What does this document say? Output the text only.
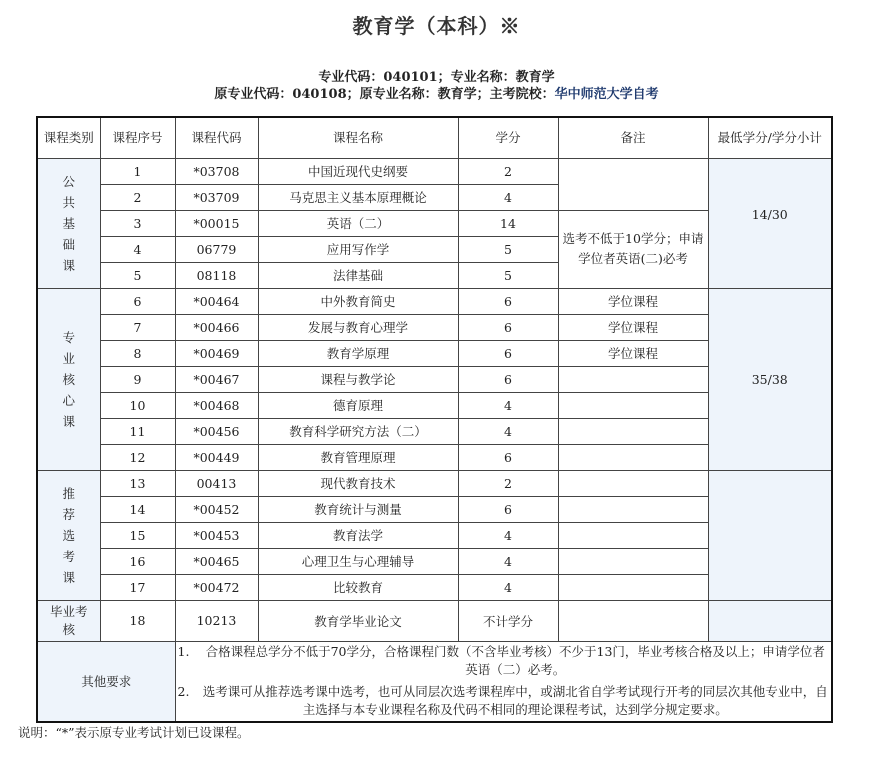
教育学（本科）※
专业代码：040101；专业名称：教育学
原专业代码：040108；原专业名称：教育学；主考院校：华中师范大学自考
课程类别	课程序号	课程代码	课程名称	学分	备注	最低学分/学分小计

公共基础课	1	*03708	中国近现代史纲要	2		14/30
	2	*03709	马克思主义基本原理概论	4		
	3	*00015	英语（二）	14	选考不低于10学分；申请学位者英语(二)必考	
	4	06779	应用写作学	5		
	5	08118	法律基础	5		

专业核心课	6	*00464	中外教育简史	6	学位课程	35/38
	7	*00466	发展与教育心理学	6	学位课程	
	8	*00469	教育学原理	6	学位课程	
	9	*00467	课程与教学论	6		
	10	*00468	德育原理	4		
	11	*00456	教育科学研究方法（二）	4		
	12	*00449	教育管理原理	6		

推荐选考课	13	00413	现代教育技术	2		
	14	*00452	教育统计与测量	6		
	15	*00453	教育法学	4		
	16	*00465	心理卫生与心理辅导	4		
	17	*00472	比较教育	4		

毕业考核	18	10213	教育学毕业论文	不计学分		
其他要求		1. 合格课程总学分不低于70学分，合格课程门数（不含毕业考核）不少于13门，毕业考核合格及以上；申请学位者英语（二）必考。
2. 选考课可从推荐选考课中选考，也可从同层次选考课程库中，或湖北省自学考试现行开考的同层次其他专业中，自主选择与本专业课程名称及代码不相同的理论课程考试，达到学分规定要求。				
说明：“*”表示原专业考试计划已设课程。
